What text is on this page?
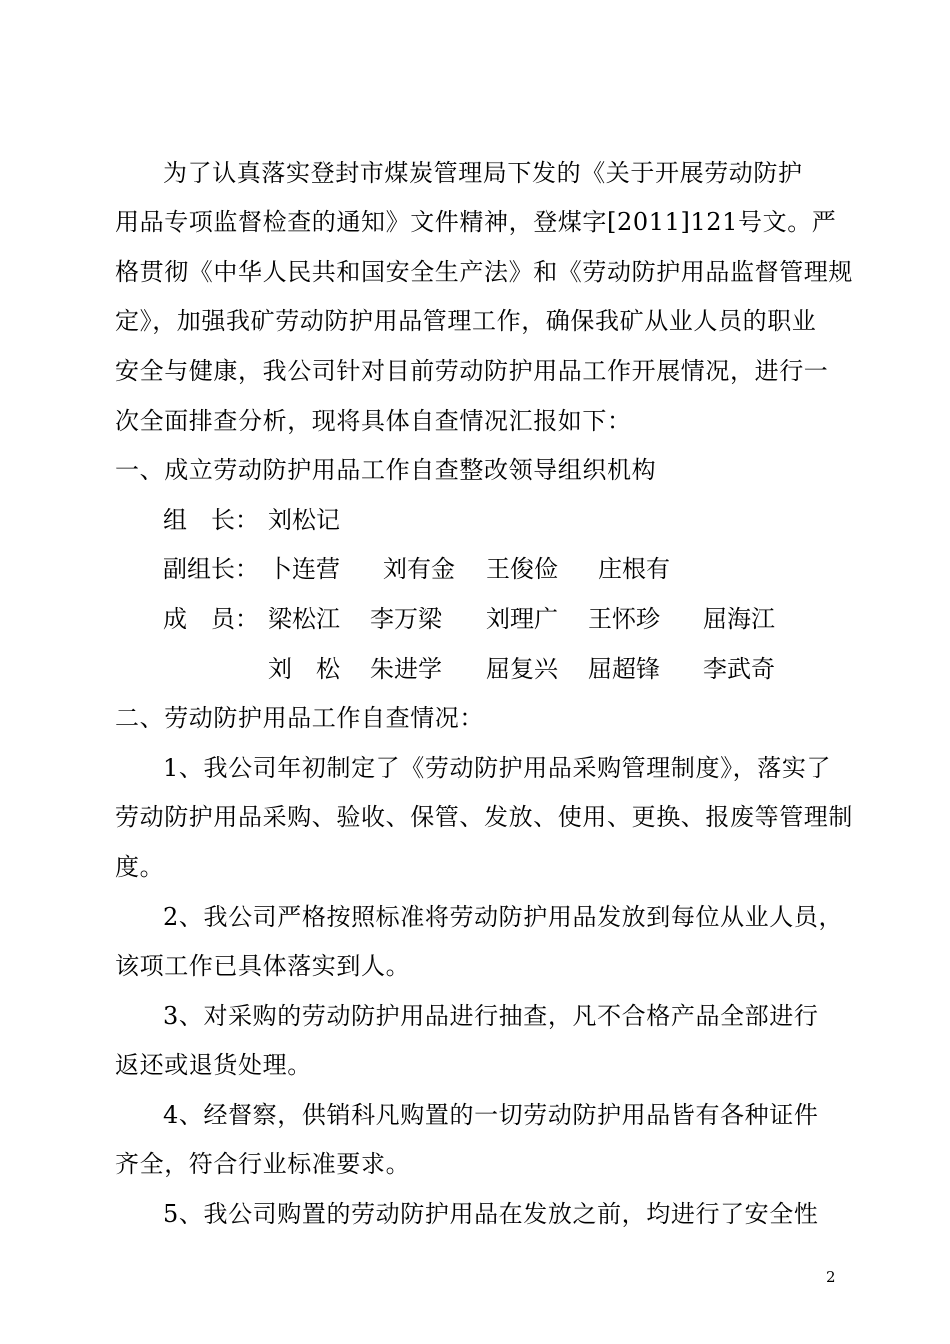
为了认真落实登封市煤炭管理局下发的《关于开展劳动防护
用品专项监督检查的通知》文件精神，登煤字[2011]121号文。严
格贯彻《中华人民共和国安全生产法》和《劳动防护用品监督管理规
定》，加强我矿劳动防护用品管理工作，确保我矿从业人员的职业
安全与健康，我公司针对目前劳动防护用品工作开展情况，进行一
次全面排查分析，现将具体自查情况汇报如下：
一、成立劳动防护用品工作自查整改领导组织机构
组　长： 刘松记
副组长： 卜连营 刘有金 王俊俭 庄根有
成　员： 梁松江 李万梁 刘理广 王怀珍 屈海江
刘　松 朱进学 屈复兴 屈超锋 李武奇
二、劳动防护用品工作自查情况：
1、我公司年初制定了《劳动防护用品采购管理制度》，落实了
劳动防护用品采购、验收、保管、发放、使用、更换、报废等管理制
度。
2、我公司严格按照标准将劳动防护用品发放到每位从业人员，
该项工作已具体落实到人。
3、对采购的劳动防护用品进行抽查，凡不合格产品全部进行
返还或退货处理。
4、经督察，供销科凡购置的一切劳动防护用品皆有各种证件
齐全，符合行业标准要求。
5、我公司购置的劳动防护用品在发放之前，均进行了安全性
2
